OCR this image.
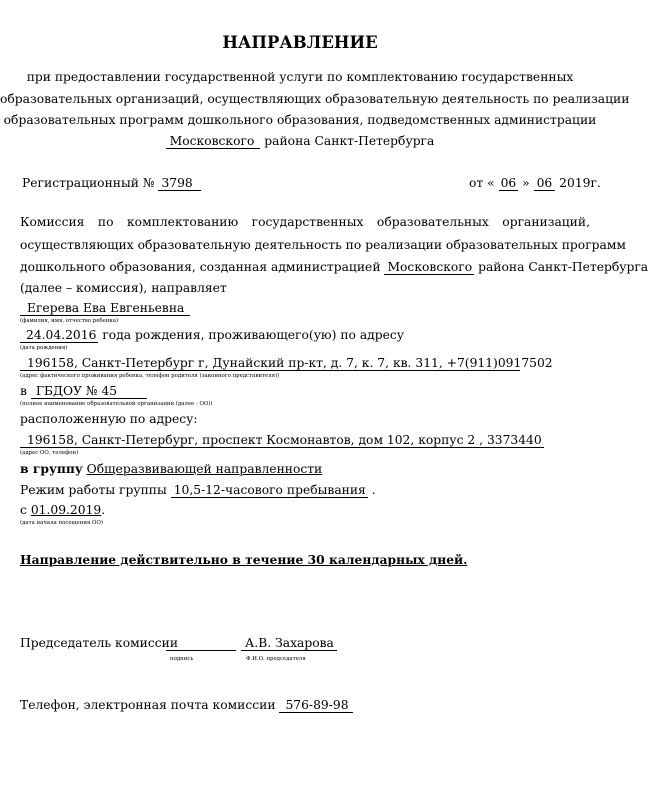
НАПРАВЛЕНИЕ
при предоставлении государственной услуги по комплектованию государственных
образовательных организаций, осуществляющих образовательную деятельность по реализации
образовательных программ дошкольного образования, подведомственных администрации
Московского района Санкт-Петербурга
Регистрационный № 3798	от « 06 » 06 2019г.
Комиссия по комплектованию государственных образовательных организаций,
осуществляющих образовательную деятельность по реализации образовательных программ
дошкольного образования, созданная администрацией Московского района Санкт-Петербурга
(далее – комиссия), направляет
Егерева Ева Евгеньевна
(фамилия, имя, отчество ребенка)
24.04.2016 года рождения, проживающего(ую) по адресу
(дата рождения)
196158, Санкт-Петербург г, Дунайский пр-кт, д. 7, к. 7, кв. 311, +7(911)0917502
(адрес фактического проживания ребенка, телефон родителя (законного представителя))
в ГБДОУ № 45
(полное наименование образовательной организации (далее - ОО))
расположенную по адресу:
196158, Санкт-Петербург, проспект Космонавтов, дом 102, корпус 2 , 3373440
(адрес ОО, телефон)
в группу Общеразвивающей направленности
Режим работы группы 10,5-12-часового пребывания .
с 01.09.2019.
(дата начала посещения ОО)
Направление действительно в течение 30 календарных дней.
Председатель комиссии	А.В. Захарова
подпись	Ф.И.О. председателя
Телефон, электронная почта комиссии 576-89-98
